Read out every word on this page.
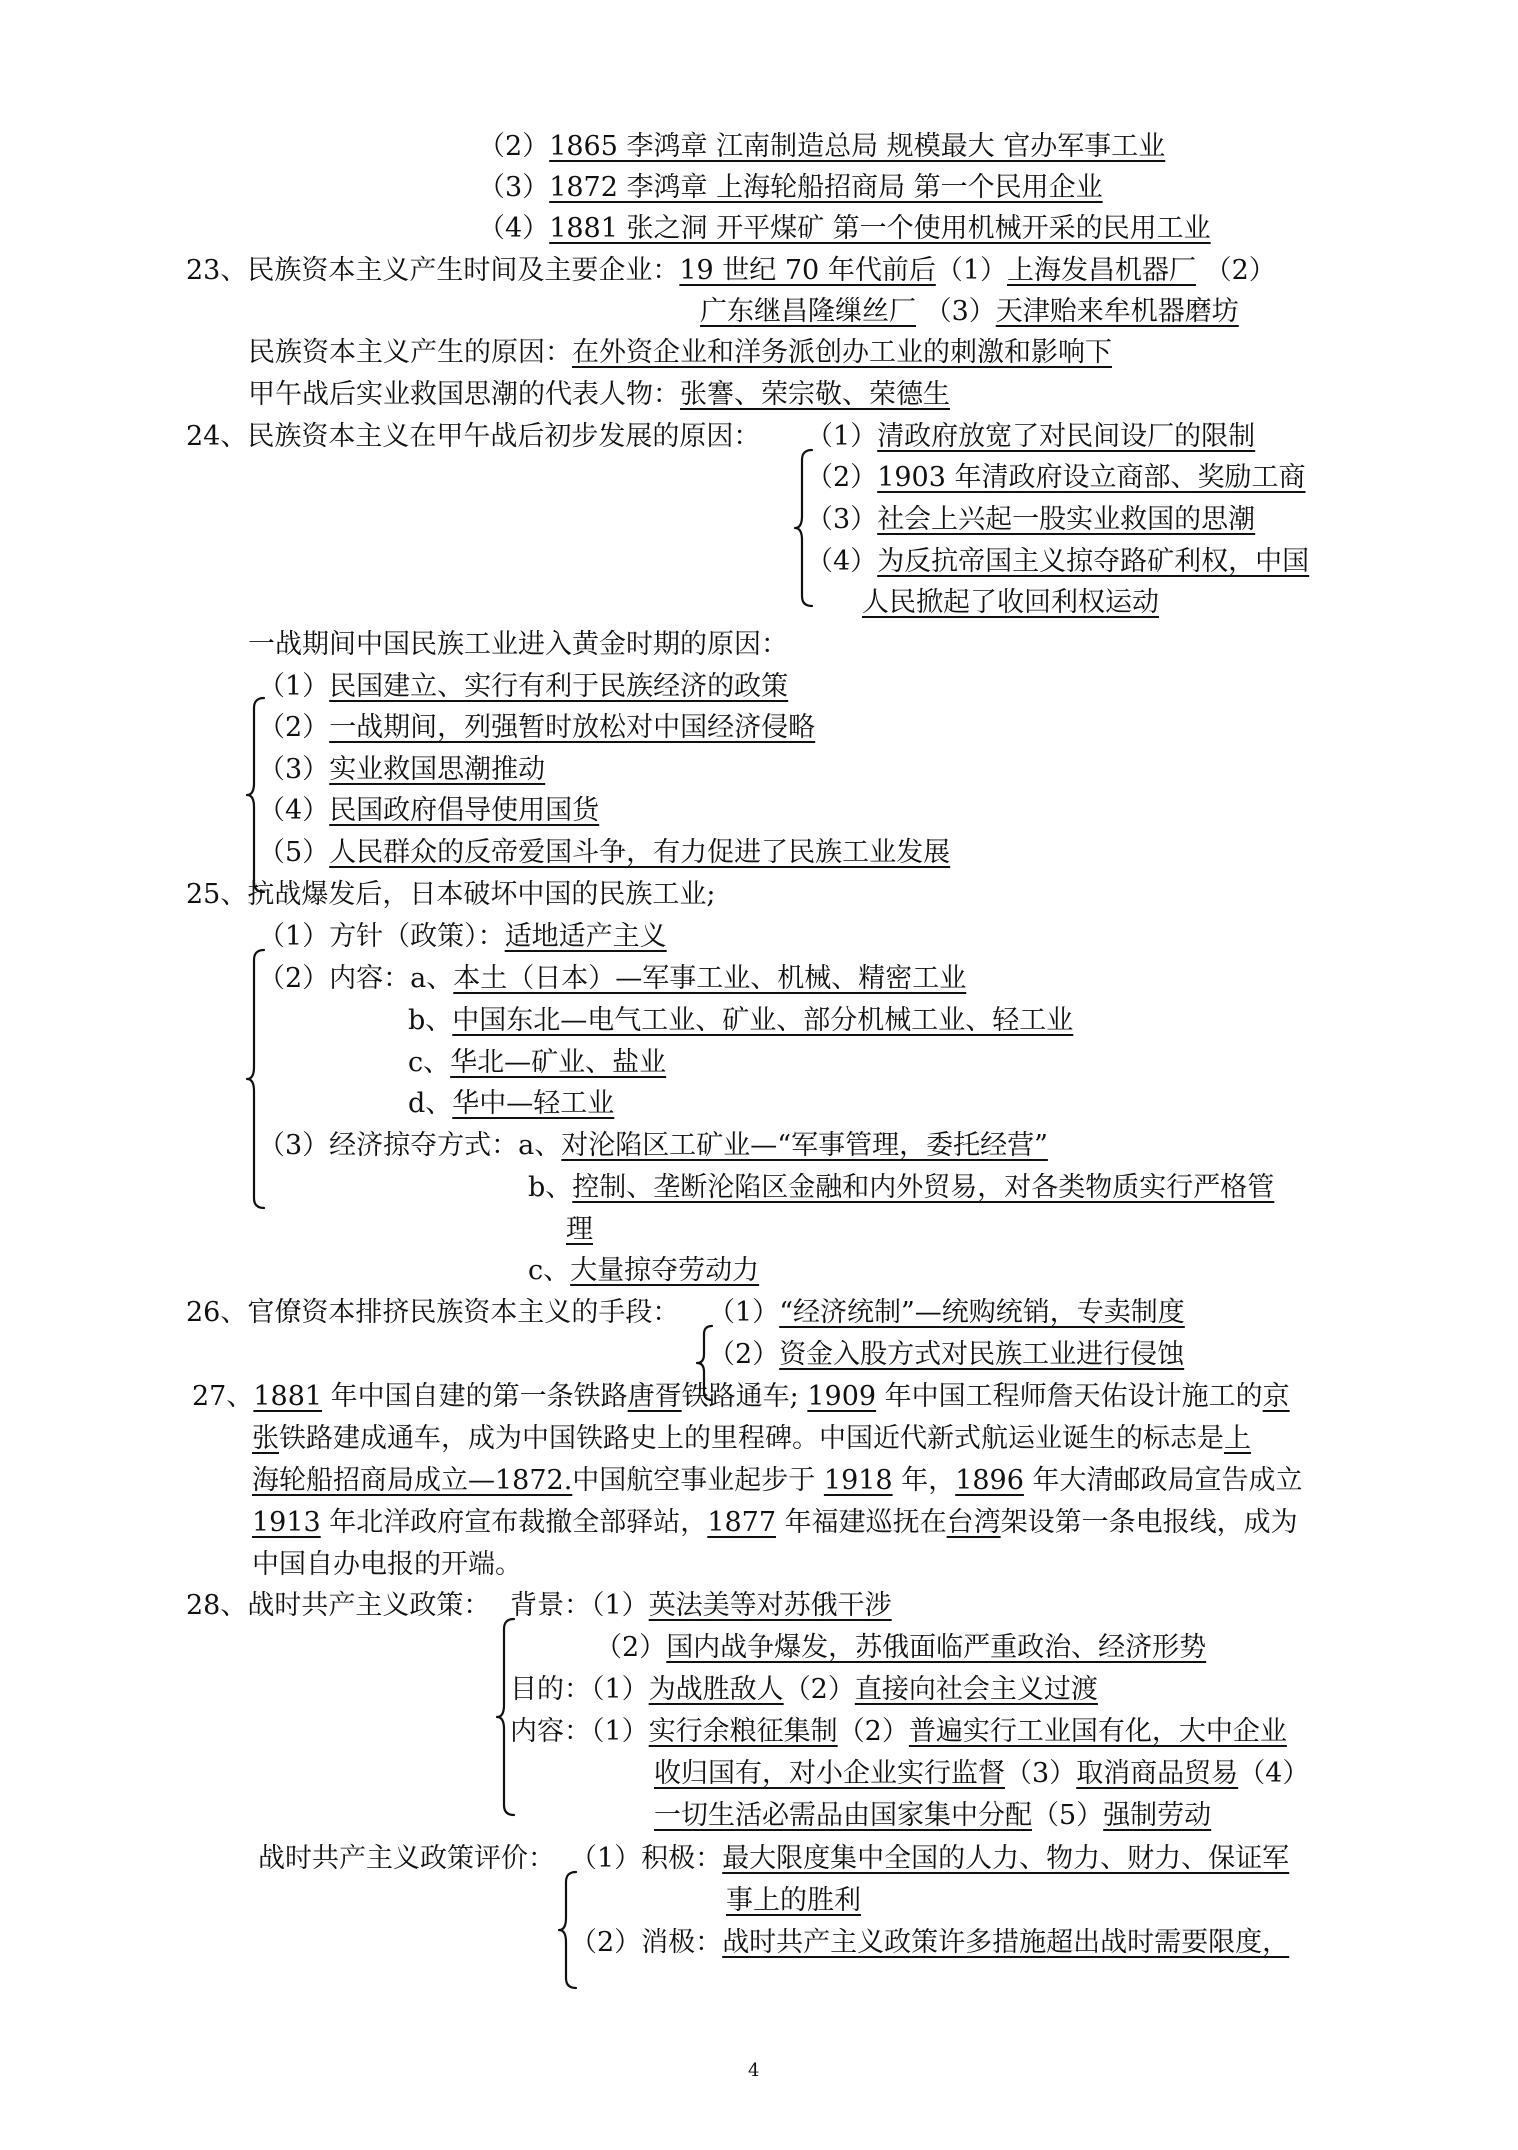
（2）1865 李鸿章 江南制造总局 规模最大 官办军事工业
（3）1872 李鸿章 上海轮船招商局 第一个民用企业
（4）1881 张之洞 开平煤矿 第一个使用机械开采的民用工业
23、民族资本主义产生时间及主要企业：19 世纪 70 年代前后（1）上海发昌机器厂 （2）
广东继昌隆缫丝厂 （3）天津贻来牟机器磨坊
民族资本主义产生的原因：在外资企业和洋务派创办工业的刺激和影响下
甲午战后实业救国思潮的代表人物：张謇、荣宗敬、荣德生
24、民族资本主义在甲午战后初步发展的原因： （1）清政府放宽了对民间设厂的限制
（2）1903 年清政府设立商部、奖励工商
（3）社会上兴起一股实业救国的思潮
（4）为反抗帝国主义掠夺路矿利权，中国
人民掀起了收回利权运动
一战期间中国民族工业进入黄金时期的原因：
（1）民国建立、实行有利于民族经济的政策
（2）一战期间，列强暂时放松对中国经济侵略
（3）实业救国思潮推动
（4）民国政府倡导使用国货
（5）人民群众的反帝爱国斗争，有力促进了民族工业发展
25、抗战爆发后，日本破坏中国的民族工业;
（1）方针（政策）：适地适产主义
（2）内容：a、本土（日本）—军事工业、机械、精密工业
b、中国东北—电气工业、矿业、部分机械工业、轻工业
c、华北—矿业、盐业
d、华中—轻工业
（3）经济掠夺方式：a、对沦陷区工矿业—“军事管理，委托经营”
b、控制、垄断沦陷区金融和内外贸易，对各类物质实行严格管
理
c、大量掠夺劳动力
26、官僚资本排挤民族资本主义的手段： （1）“经济统制”—统购统销，专卖制度
（2）资金入股方式对民族工业进行侵蚀
27、1881 年中国自建的第一条铁路唐胥铁路通车; 1909 年中国工程师詹天佑设计施工的京
张铁路建成通车，成为中国铁路史上的里程碑。中国近代新式航运业诞生的标志是上
海轮船招商局成立—1872.中国航空事业起步于 1918 年，1896 年大清邮政局宣告成立
1913 年北洋政府宣布裁撤全部驿站，1877 年福建巡抚在台湾架设第一条电报线，成为
中国自办电报的开端。
28、战时共产主义政策： 背景：（1）英法美等对苏俄干涉
（2）国内战争爆发，苏俄面临严重政治、经济形势
目的：（1）为战胜敌人（2）直接向社会主义过渡
内容：（1）实行余粮征集制（2）普遍实行工业国有化，大中企业
收归国有，对小企业实行监督（3）取消商品贸易（4）
一切生活必需品由国家集中分配（5）强制劳动
战时共产主义政策评价： （1）积极：最大限度集中全国的人力、物力、财力、保证军
事上的胜利
（2）消极：战时共产主义政策许多措施超出战时需要限度，
4
